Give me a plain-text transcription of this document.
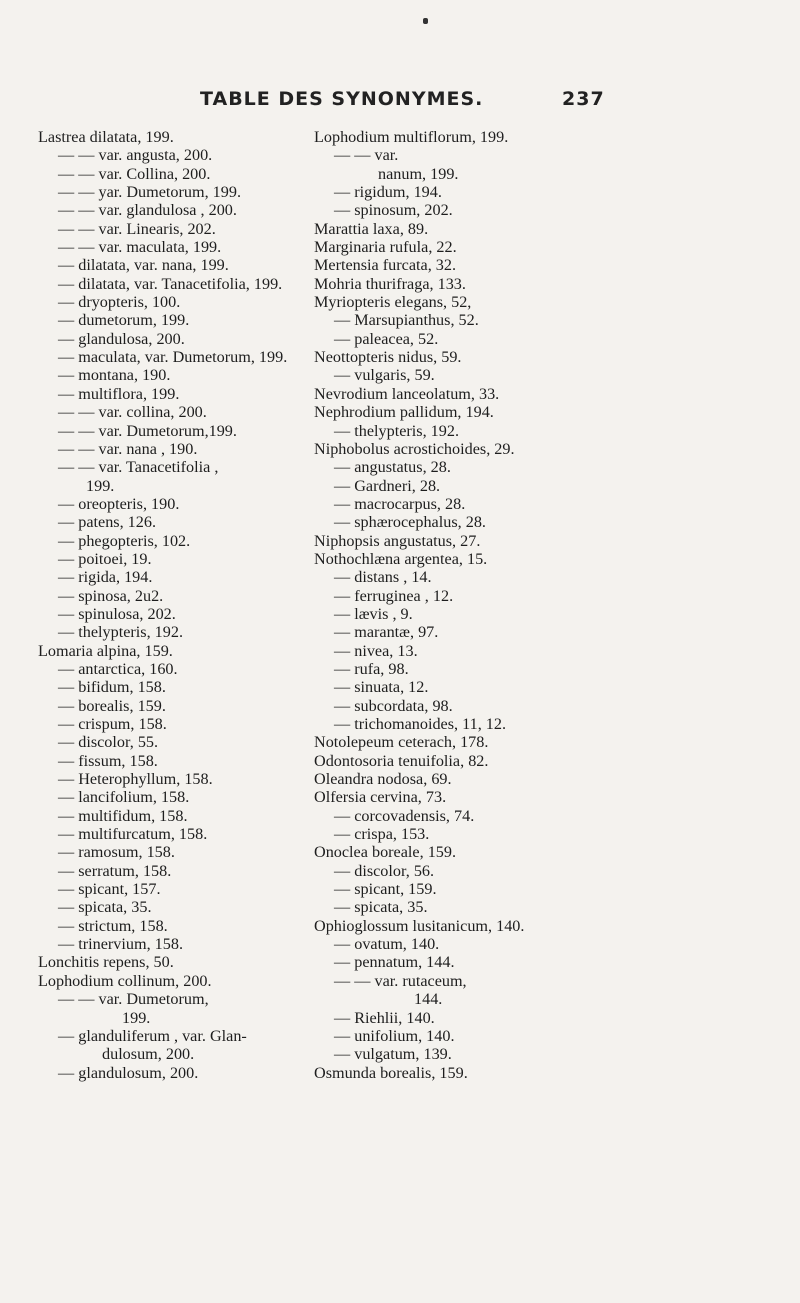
TABLE DES SYNONYMES.	237
Lastrea dilatata, 199.
— — var. angusta, 200.
— — var. Collina, 200.
— — yar. Dumetorum, 199.
— — var. glandulosa , 200.
— — var. Linearis, 202.
— — var. maculata, 199.
— dilatata, var. nana, 199.
— dilatata, var. Tanacetifolia, 199.
— dryopteris, 100.
— dumetorum, 199.
— glandulosa, 200.
— maculata, var. Dumetorum, 199.
— montana, 190.
— multiflora, 199.
— — var. collina, 200.
— — var. Dumetorum,199.
— — var. nana , 190.
— — var. Tanacetifolia ,
199.
— oreopteris, 190.
— patens, 126.
— phegopteris, 102.
— poitoei, 19.
— rigida, 194.
— spinosa, 2u2.
— spinulosa, 202.
— thelypteris, 192.
Lomaria alpina, 159.
— antarctica, 160.
— bifidum, 158.
— borealis, 159.
— crispum, 158.
— discolor, 55.
— fissum, 158.
— Heterophyllum, 158.
— lancifolium, 158.
— multifidum, 158.
— multifurcatum, 158.
— ramosum, 158.
— serratum, 158.
— spicant, 157.
— spicata, 35.
— strictum, 158.
— trinervium, 158.
Lonchitis repens, 50.
Lophodium collinum, 200.
— — var. Dumetorum,
199.
— glanduliferum , var. Glan-
dulosum, 200.
— glandulosum, 200.
Lophodium multiflorum, 199.
— — var.
nanum, 199.
— rigidum, 194.
— spinosum, 202.
Marattia laxa, 89.
Marginaria rufula, 22.
Mertensia furcata, 32.
Mohria thurifraga, 133.
Myriopteris elegans, 52,
— Marsupianthus, 52.
— paleacea, 52.
Neottopteris nidus, 59.
— vulgaris, 59.
Nevrodium lanceolatum, 33.
Nephrodium pallidum, 194.
— thelypteris, 192.
Niphobolus acrostichoides, 29.
— angustatus, 28.
— Gardneri, 28.
— macrocarpus, 28.
— sphærocephalus, 28.
Niphopsis angustatus, 27.
Nothochlæna argentea, 15.
— distans , 14.
— ferruginea , 12.
— lævis , 9.
— marantæ, 97.
— nivea, 13.
— rufa, 98.
— sinuata, 12.
— subcordata, 98.
— trichomanoides, 11, 12.
Notolepeum ceterach, 178.
Odontosoria tenuifolia, 82.
Oleandra nodosa, 69.
Olfersia cervina, 73.
— corcovadensis, 74.
— crispa, 153.
Onoclea boreale, 159.
— discolor, 56.
— spicant, 159.
— spicata, 35.
Ophioglossum lusitanicum, 140.
— ovatum, 140.
— pennatum, 144.
— — var. rutaceum,
144.
— Riehlii, 140.
— unifolium, 140.
— vulgatum, 139.
Osmunda borealis, 159.
